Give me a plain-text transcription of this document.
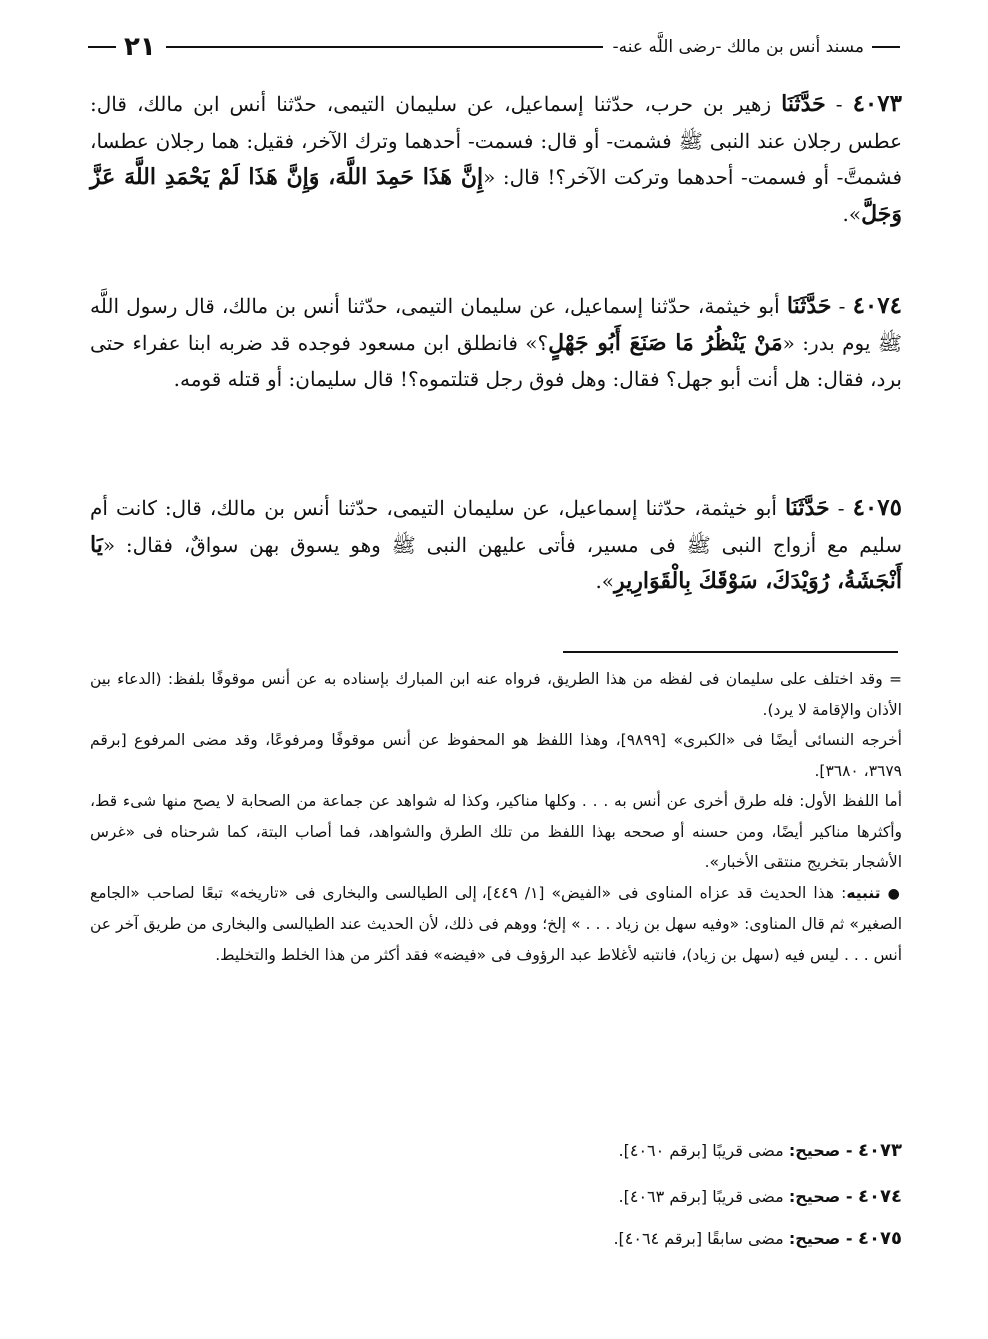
مسند أنس بن مالك -رضى اللَّه عنه-
٢١
٤٠٧٣ - حَدَّثَنَا زهير بن حرب، حدّثنا إسماعيل، عن سليمان التيمى، حدّثنا أنس ابن مالك، قال: عطس رجلان عند النبى ﷺ فشمت- أو قال: فسمت- أحدهما وترك الآخر، فقيل: هما رجلان عطسا، فشمتَّ- أو فسمت- أحدهما وتركت الآخر؟! قال: «إِنَّ هَذَا حَمِدَ اللَّهَ، وَإِنَّ هَذَا لَمْ يَحْمَدِ اللَّهَ عَزَّ وَجَلَّ».
٤٠٧٤ - حَدَّثَنَا أبو خيثمة، حدّثنا إسماعيل، عن سليمان التيمى، حدّثنا أنس بن مالك، قال رسول اللَّه ﷺ يوم بدر: «مَنْ يَنْظُرُ مَا صَنَعَ أَبُو جَهْلٍ؟» فانطلق ابن مسعود فوجده قد ضربه ابنا عفراء حتى برد، فقال: هل أنت أبو جهل؟ فقال: وهل فوق رجل قتلتموه؟! قال سليمان: أو قتله قومه.
٤٠٧٥ - حَدَّثَنَا أبو خيثمة، حدّثنا إسماعيل، عن سليمان التيمى، حدّثنا أنس بن مالك، قال: كانت أم سليم مع أزواج النبى ﷺ فى مسير، فأتى عليهن النبى ﷺ وهو يسوق بهن سواقٌ، فقال: «يَا أَنْجَشَةُ، رُوَيْدَكَ، سَوْقَكَ بِالْقَوَارِيرِ».

= وقد اختلف على سليمان فى لفظه من هذا الطريق، فرواه عنه ابن المبارك بإسناده به عن أنس موقوفًا بلفظ: (الدعاء بين الأذان والإقامة لا يرد).

أخرجه النسائى أيضًا فى «الكبرى» [٩٨٩٩]، وهذا اللفظ هو المحفوظ عن أنس موقوفًا ومرفوعًا، وقد مضى المرفوع [برقم ٣٦٧٩، ٣٦٨٠].

أما اللفظ الأول: فله طرق أخرى عن أنس به . . . وكلها مناكير، وكذا له شواهد عن جماعة من الصحابة لا يصح منها شىء قط، وأكثرها مناكير أيضًا، ومن حسنه أو صححه بهذا اللفظ من تلك الطرق والشواهد، فما أصاب البتة، كما شرحناه فى «غرس الأشجار بتخريج منتقى الأخبار».

● تنبيه: هذا الحديث قد عزاه المناوى فى «الفيض» [١/ ٤٤٩]، إلى الطيالسى والبخارى فى «تاريخه» تبعًا لصاحب «الجامع الصغير» ثم قال المناوى: «وفيه سهل بن زياد . . . » إلخ؛ ووهم فى ذلك، لأن الحديث عند الطيالسى والبخارى من طريق آخر عن أنس . . . ليس فيه (سهل بن زياد)، فانتبه لأغلاط عبد الرؤوف فى «فيضه» فقد أكثر من هذا الخلط والتخليط.

٤٠٧٣ - صحيح: مضى قريبًا [برقم ٤٠٦٠].
٤٠٧٤ - صحيح: مضى قريبًا [برقم ٤٠٦٣].
٤٠٧٥ - صحيح: مضى سابقًا [برقم ٤٠٦٤].
